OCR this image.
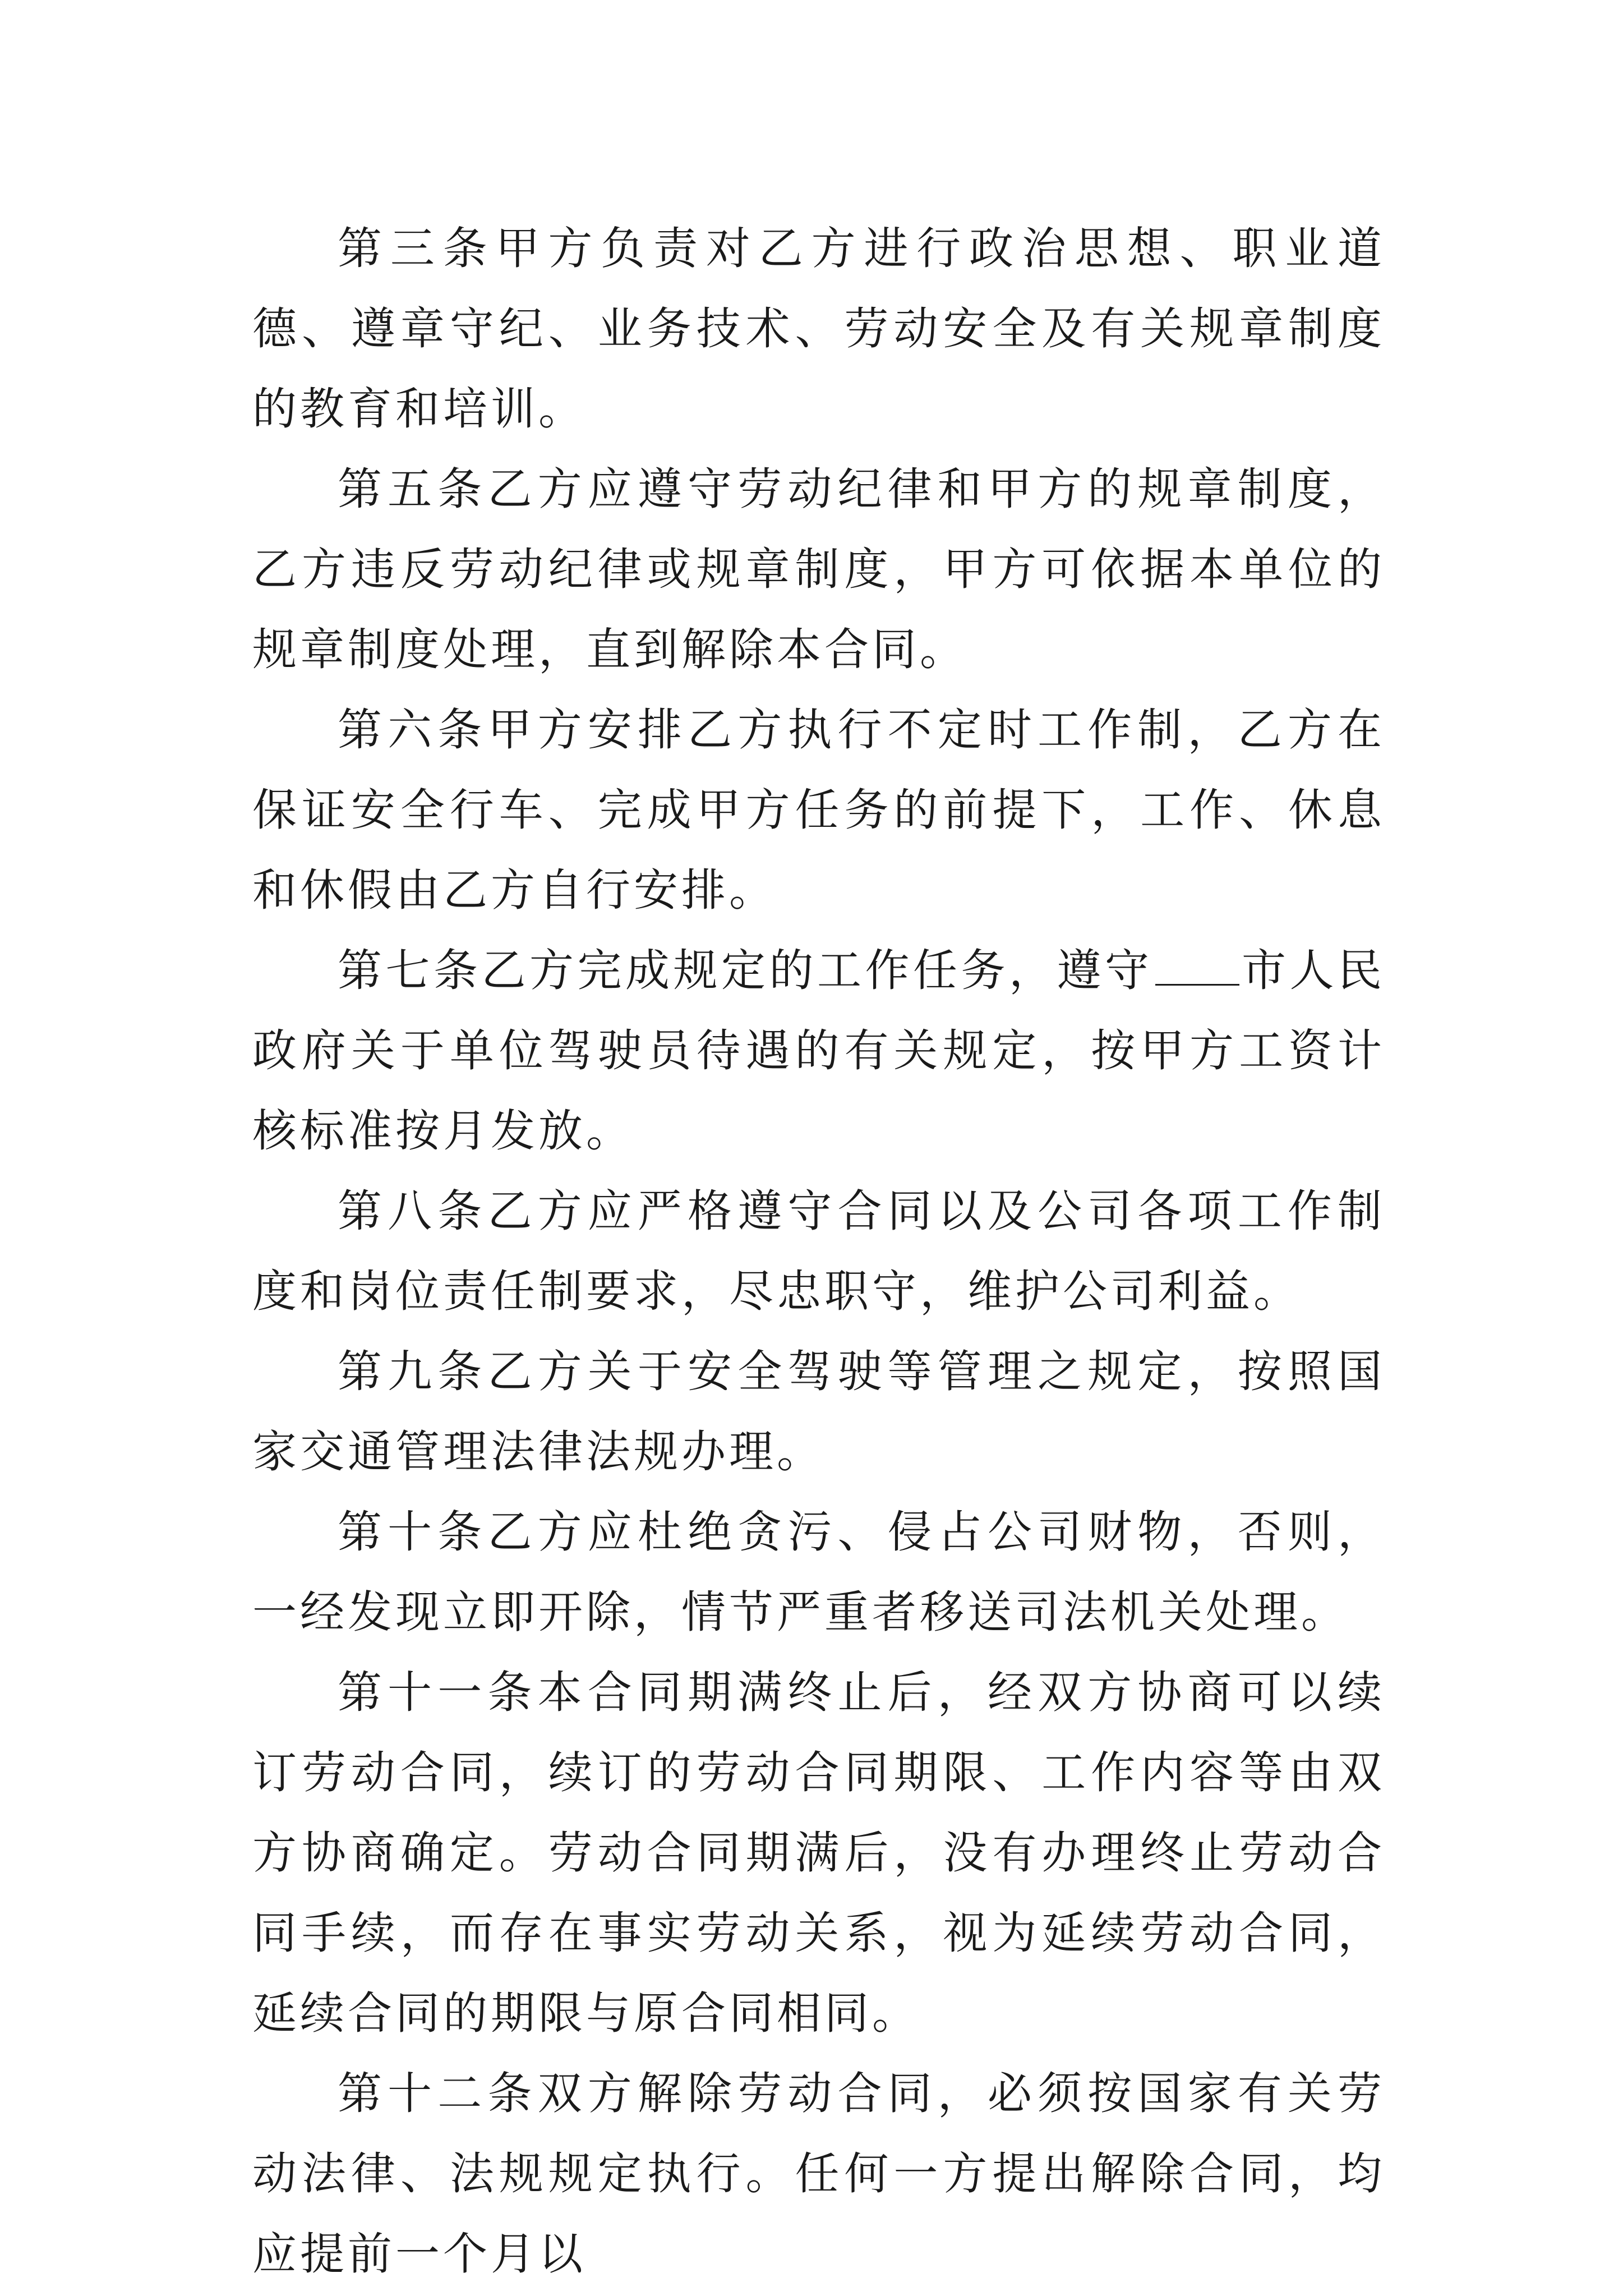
第三条甲方负责对乙方进行政治思想、职业道德、遵章守纪、业务技术、劳动安全及有关规章制度的教育和培训。

第五条乙方应遵守劳动纪律和甲方的规章制度，乙方违反劳动纪律或规章制度，甲方可依据本单位的规章制度处理，直到解除本合同。

第六条甲方安排乙方执行不定时工作制，乙方在保证安全行车、完成甲方任务的前提下，工作、休息和休假由乙方自行安排。

第七条乙方完成规定的工作任务，遵守 市人民政府关于单位驾驶员待遇的有关规定，按甲方工资计核标准按月发放。

第八条乙方应严格遵守合同以及公司各项工作制度和岗位责任制要求，尽忠职守，维护公司利益。

第九条乙方关于安全驾驶等管理之规定，按照国家交通管理法律法规办理。

第十条乙方应杜绝贪污、侵占公司财物，否则，一经发现立即开除，情节严重者移送司法机关处理。

第十一条本合同期满终止后，经双方协商可以续订劳动合同，续订的劳动合同期限、工作内容等由双方协商确定。劳动合同期满后，没有办理终止劳动合同手续，而存在事实劳动关系，视为延续劳动合同，延续合同的期限与原合同相同。

第十二条双方解除劳动合同，必须按国家有关劳动法律、法规规定执行。任何一方提出解除合同，均应提前一个月以
